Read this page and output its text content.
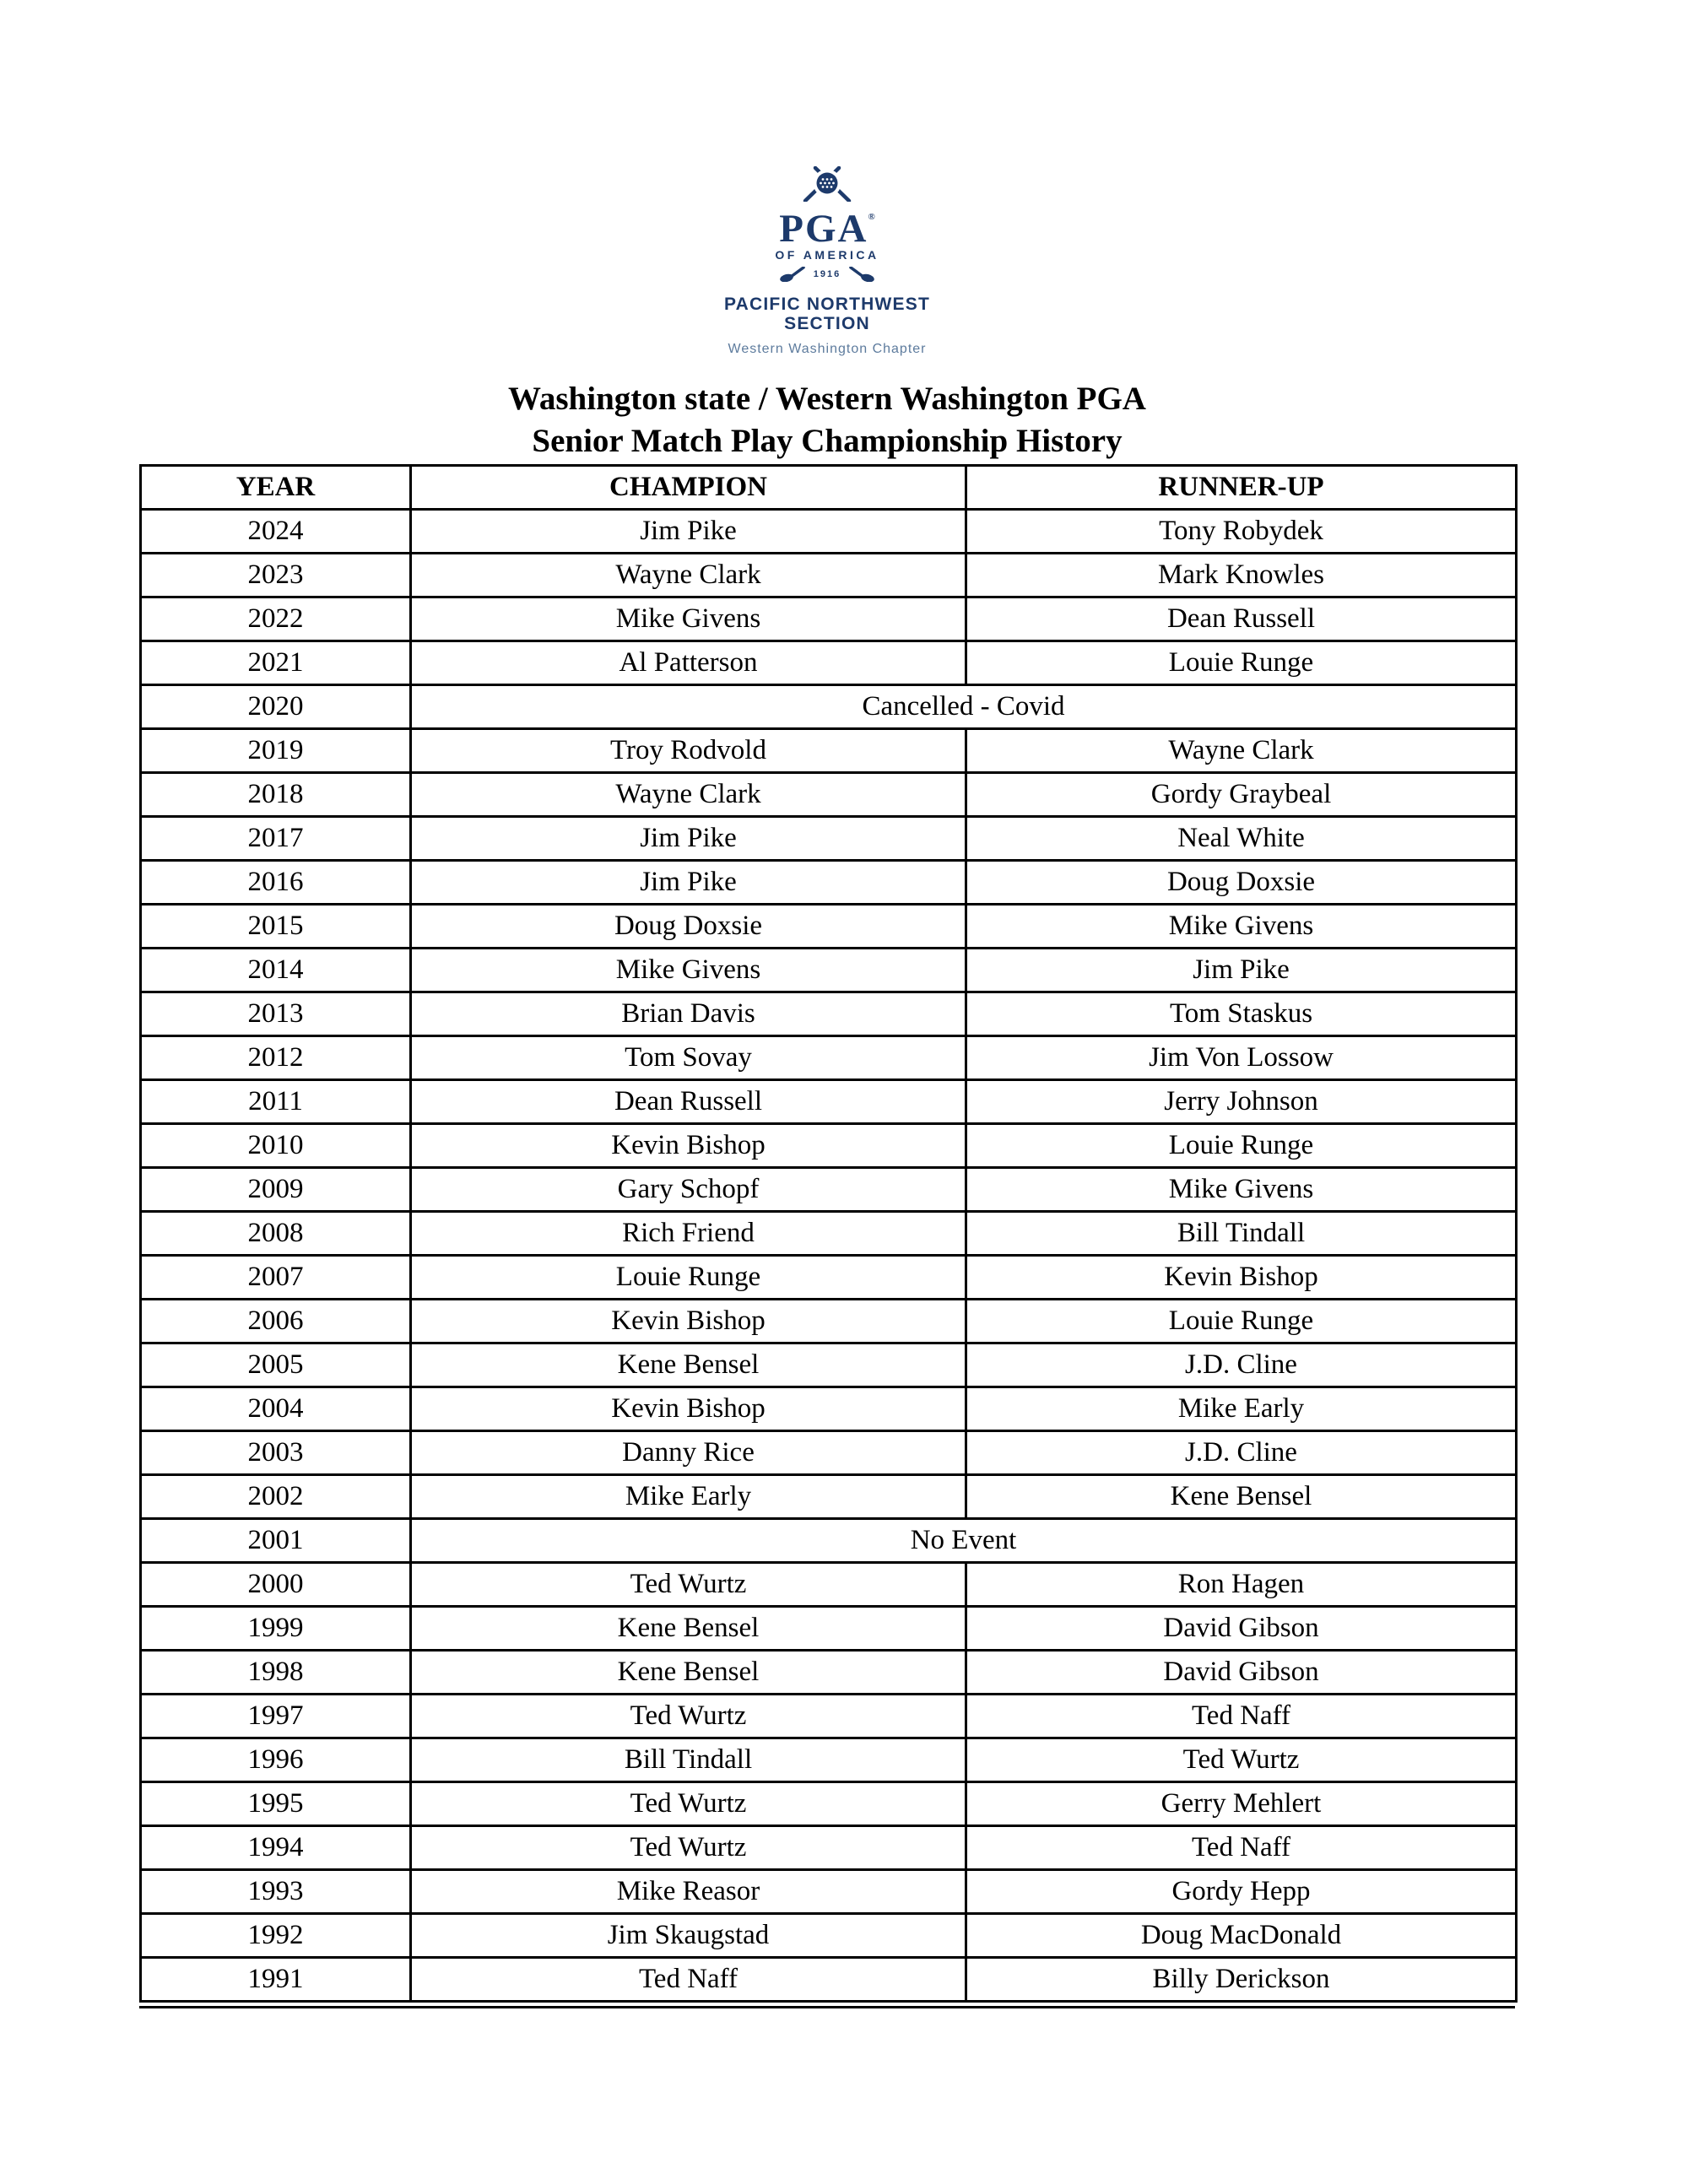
PGA®
OF AMERICA
1916
PACIFIC NORTHWEST
SECTION
Western Washington Chapter
Washington state / Western Washington PGA
Senior Match Play Championship History
YEAR	CHAMPION	RUNNER-UP
2024	Jim Pike	Tony Robydek
2023	Wayne Clark	Mark Knowles
2022	Mike Givens	Dean Russell
2021	Al Patterson	Louie Runge
2020	Cancelled - Covid	
2019	Troy Rodvold	Wayne Clark
2018	Wayne Clark	Gordy Graybeal
2017	Jim Pike	Neal White
2016	Jim Pike	Doug Doxsie
2015	Doug Doxsie	Mike Givens
2014	Mike Givens	Jim Pike
2013	Brian Davis	Tom Staskus
2012	Tom Sovay	Jim Von Lossow
2011	Dean Russell	Jerry Johnson
2010	Kevin Bishop	Louie Runge
2009	Gary Schopf	Mike Givens
2008	Rich Friend	Bill Tindall
2007	Louie Runge	Kevin Bishop
2006	Kevin Bishop	Louie Runge
2005	Kene Bensel	J.D. Cline
2004	Kevin Bishop	Mike Early
2003	Danny Rice	J.D. Cline
2002	Mike Early	Kene Bensel
2001	No Event	
2000	Ted Wurtz	Ron Hagen
1999	Kene Bensel	David Gibson
1998	Kene Bensel	David Gibson
1997	Ted Wurtz	Ted Naff
1996	Bill Tindall	Ted Wurtz
1995	Ted Wurtz	Gerry Mehlert
1994	Ted Wurtz	Ted Naff
1993	Mike Reasor	Gordy Hepp
1992	Jim Skaugstad	Doug MacDonald
1991	Ted Naff	Billy Derickson
